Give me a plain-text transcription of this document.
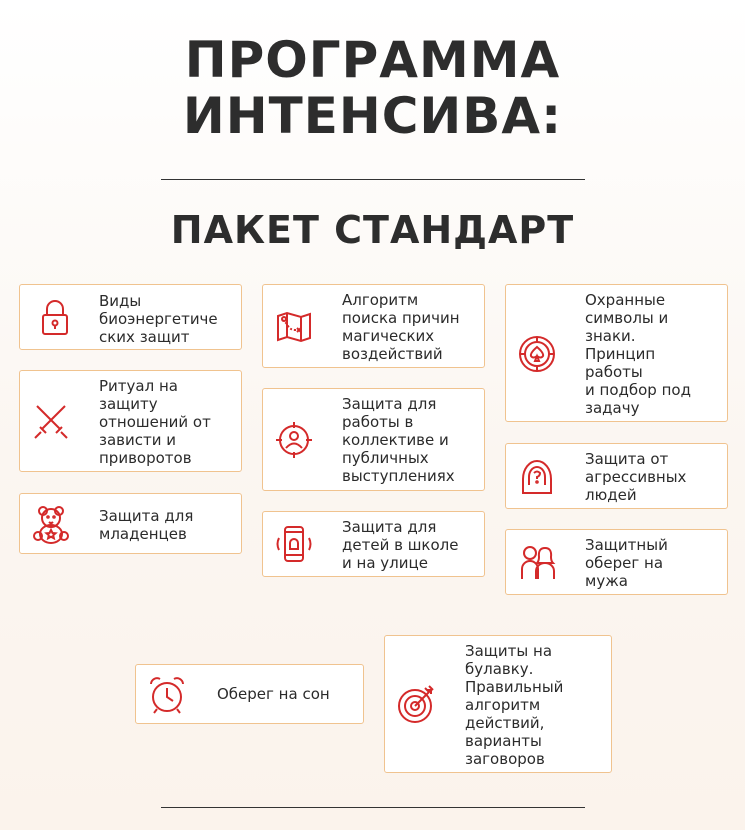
ПРОГРАММА
ИНТЕНСИВА:
ПАКЕТ СТАНДАРТ
Виды
биоэнергетиче
ских защит
Ритуал на
защиту
отношений от
зависти и
приворотов
Защита для
младенцев
Алгоритм
поиска причин
магических
воздействий
Защита для
работы в
коллективе и
публичных
выступлениях
Защита для
детей в школе
и на улице
Охранные
символы и
знаки.
Принцип
работы
и подбор под
задачу
Защита от
агрессивных
людей
Защитный
оберег на
мужа
Оберег на сон
Защиты на
булавку.
Правильный
алгоритм
действий,
варианты
заговоров
